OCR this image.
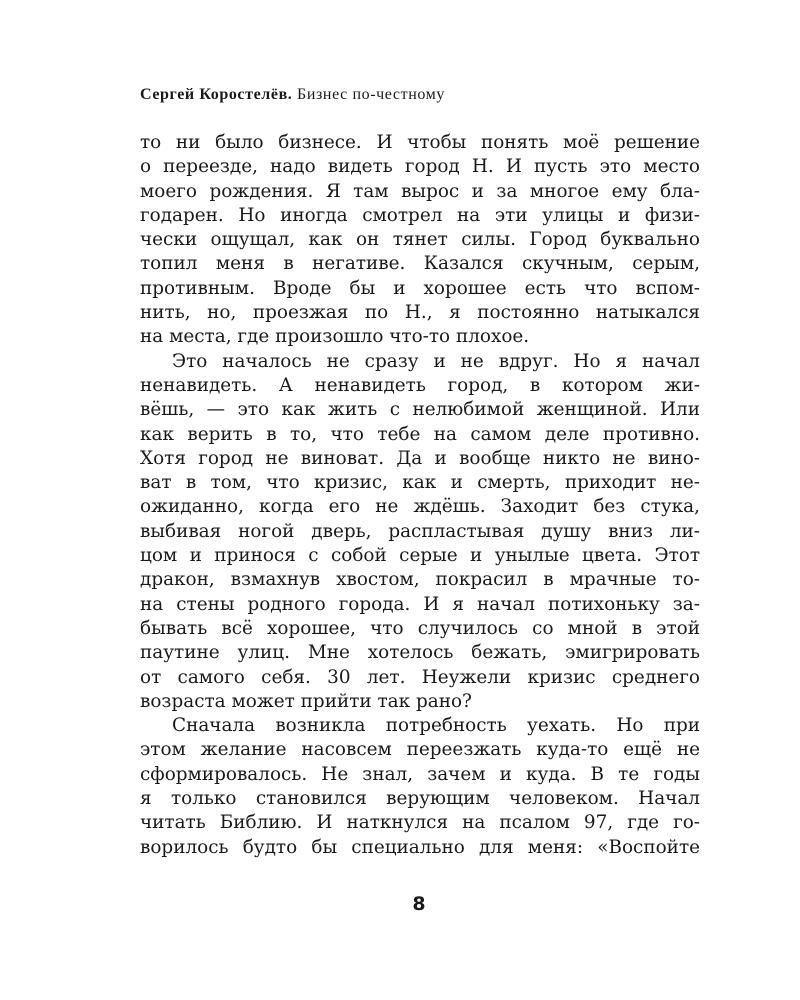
Сергей Коростелёв. Бизнес по-честному
то ни было бизнесе. И чтобы понять моё решение
о переезде, надо видеть город Н. И пусть это место
моего рождения. Я там вырос и за многое ему бла-
годарен. Но иногда смотрел на эти улицы и физи-
чески ощущал, как он тянет силы. Город буквально
топил меня в негативе. Казался скучным, серым,
противным. Вроде бы и хорошее есть что вспом-
нить, но, проезжая по Н., я постоянно натыкался
на места, где произошло что-то плохое.
Это началось не сразу и не вдруг. Но я начал
ненавидеть. А ненавидеть город, в котором жи-
вёшь, — это как жить с нелюбимой женщиной. Или
как верить в то, что тебе на самом деле противно.
Хотя город не виноват. Да и вообще никто не вино-
ват в том, что кризис, как и смерть, приходит не-
ожиданно, когда его не ждёшь. Заходит без стука,
выбивая ногой дверь, распластывая душу вниз ли-
цом и принося с собой серые и унылые цвета. Этот
дракон, взмахнув хвостом, покрасил в мрачные то-
на стены родного города. И я начал потихоньку за-
бывать всё хорошее, что случилось со мной в этой
паутине улиц. Мне хотелось бежать, эмигрировать
от самого себя. 30 лет. Неужели кризис среднего
возраста может прийти так рано?
Сначала возникла потребность уехать. Но при
этом желание насовсем переезжать куда-то ещё не
сформировалось. Не знал, зачем и куда. В те годы
я только становился верующим человеком. Начал
читать Библию. И наткнулся на псалом 97, где го-
ворилось будто бы специально для меня: «Воспойте
8
